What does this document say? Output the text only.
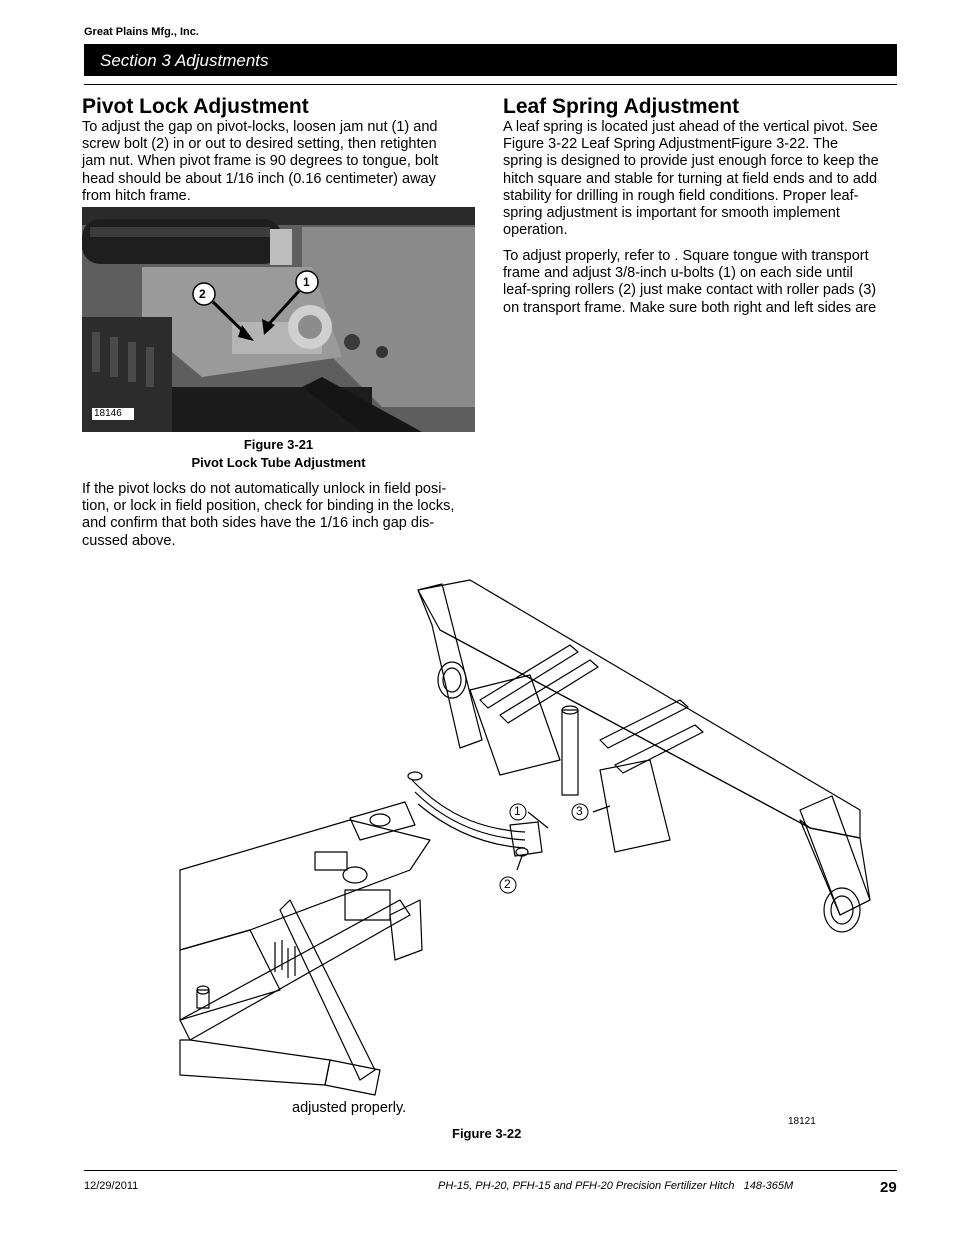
Great Plains Mfg., Inc.
Section 3 Adjustments
Pivot Lock Adjustment
To adjust the gap on pivot-locks, loosen jam nut (1) and
screw bolt (2) in or out to desired setting, then retighten
jam nut. When pivot frame is 90 degrees to tongue, bolt
head should be about 1/16 inch (0.16 centimeter) away
from hitch frame.
2
1
18146
Figure 3-21
Pivot Lock Tube Adjustment
If the pivot locks do not automatically unlock in field posi-
tion, or lock in field position, check for binding in the locks,
and confirm that both sides have the 1/16 inch gap dis-
cussed above.
Leaf Spring Adjustment
A leaf spring is located just ahead of the vertical pivot. See
Figure 3-22 Leaf Spring AdjustmentFigure 3-22. The
spring is designed to provide just enough force to keep the
hitch square and stable for turning at field ends and to add
stability for drilling in rough field conditions. Proper leaf-
spring adjustment is important for smooth implement
operation.
To adjust properly, refer to . Square tongue with transport
frame and adjust 3/8-inch u-bolts (1) on each side until
leaf-spring rollers (2) just make contact with roller pads (3)
on transport frame. Make sure both right and left sides are
1
2
3
adjusted properly.
18121
Figure 3-22
12/29/2011	PH-15, PH-20, PFH-15 and PFH-20 Precision Fertilizer Hitch   148-365M	29
